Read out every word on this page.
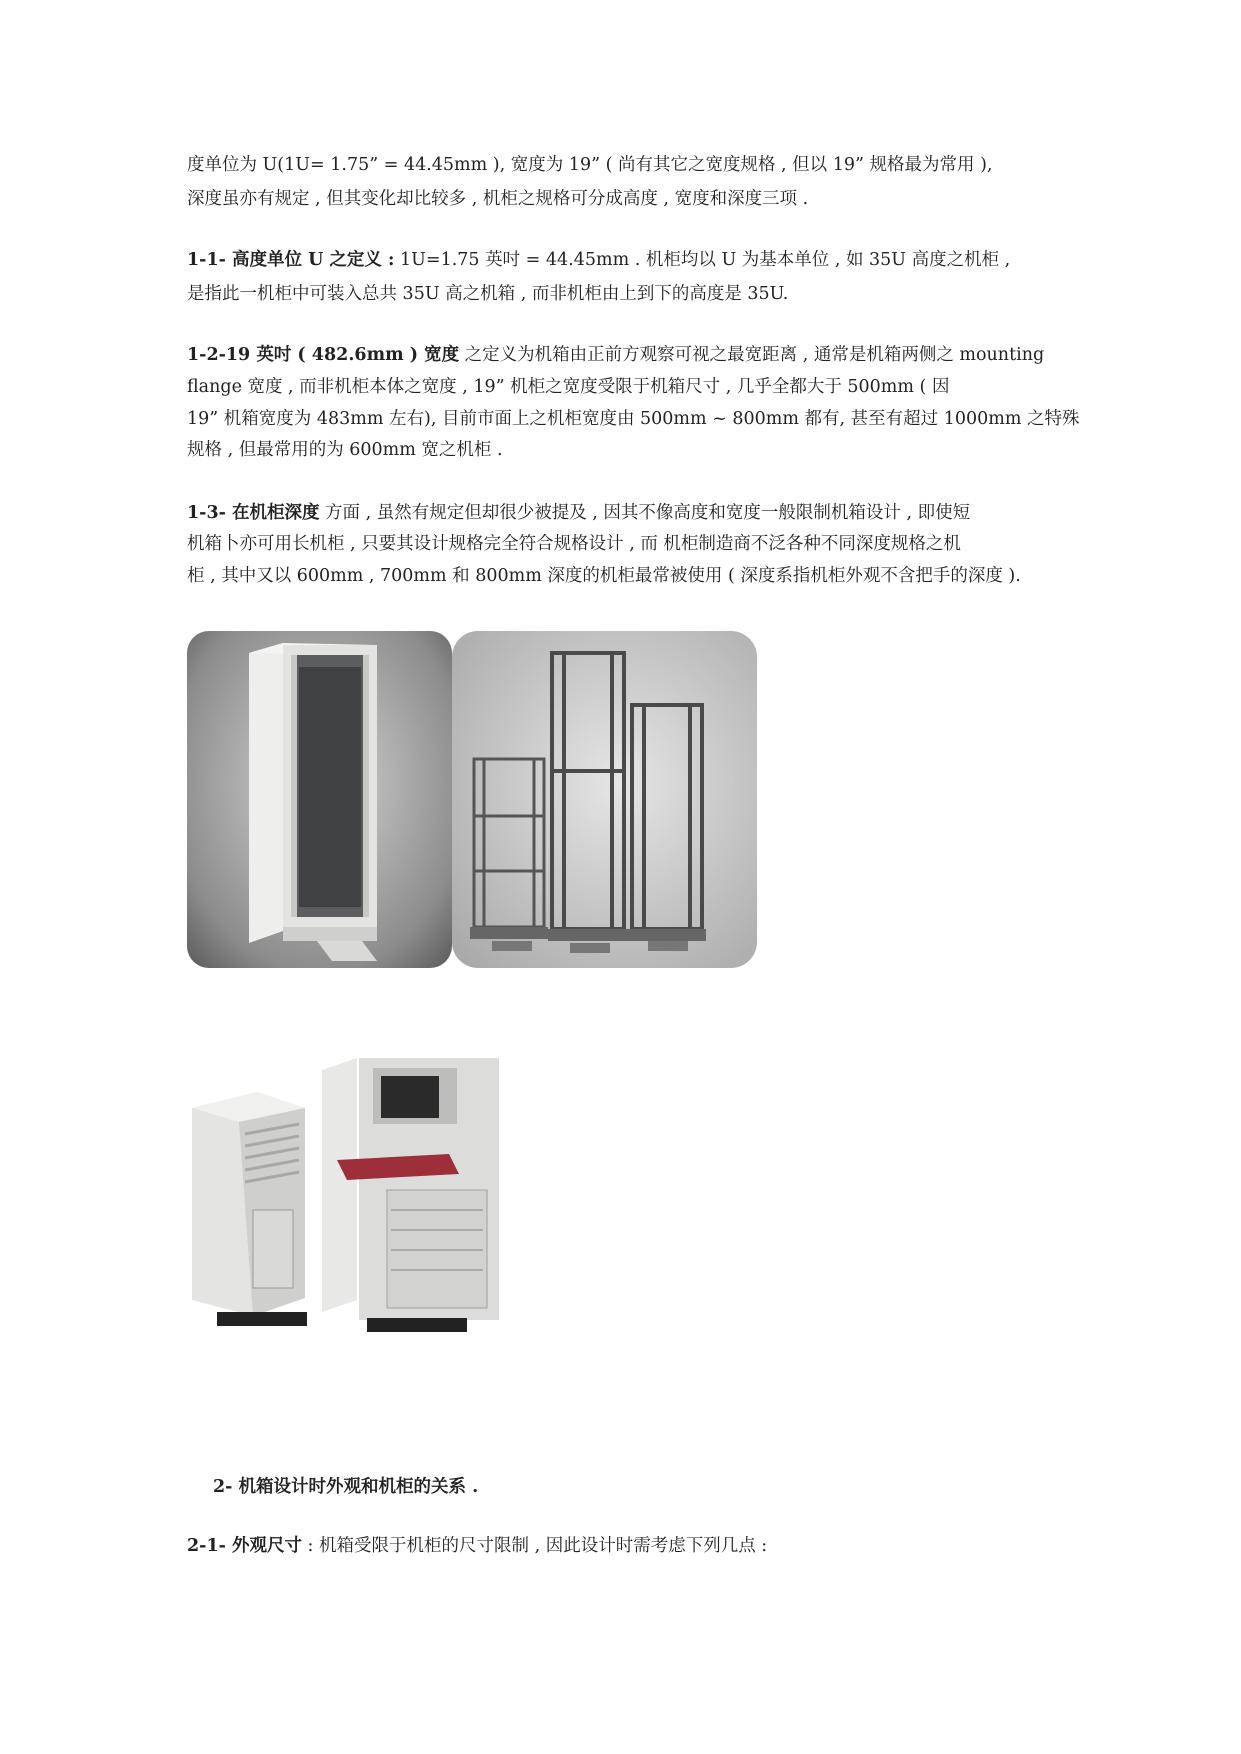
度单位为 U(1U= 1.75” = 44.45mm ), 宽度为 19” ( 尚有其它之宽度规格 , 但以 19” 规格最为常用 ),

深度虽亦有规定 , 但其变化却比较多 , 机柜之规格可分成高度 , 宽度和深度三项 .

1-1- 高度单位 U 之定义 : 1U=1.75 英吋 = 44.45mm . 机柜均以 U 为基本单位 , 如 35U 高度之机柜 ,

是指此一机柜中可装入总共 35U 高之机箱 , 而非机柜由上到下的高度是 35U.

1-2-19 英吋 ( 482.6mm ) 宽度 之定义为机箱由正前方观察可视之最宽距离 , 通常是机箱两侧之 mounting

flange 宽度 , 而非机柜本体之宽度 , 19” 机柜之宽度受限于机箱尺寸 , 几乎全都大于 500mm ( 因

19” 机箱宽度为 483mm 左右), 目前市面上之机柜宽度由 500mm ~ 800mm 都有, 甚至有超过 1000mm 之特殊

规格 , 但最常用的为 600mm 宽之机柜 .

1-3- 在机柜深度 方面 , 虽然有规定但却很少被提及 , 因其不像高度和宽度一般限制机箱设计 , 即使短

机箱卜亦可用长机柜 , 只要其设计规格完全符合规格设计 , 而 机柜制造商不泛各种不同深度规格之机

柜 , 其中又以 600mm , 700mm 和 800mm 深度的机柜最常被使用 ( 深度系指机柜外观不含把手的深度 ).

2- 机箱设计时外观和机柜的关系 .

2-1- 外观尺寸 : 机箱受限于机柜的尺寸限制 , 因此设计时需考虑下列几点 :
